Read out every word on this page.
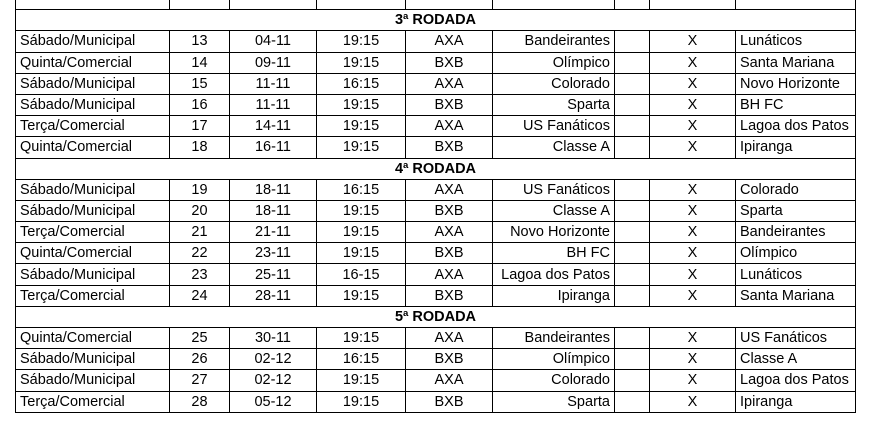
3ª RODADA								
Sábado/Municipal	13	04-11	19:15	AXA	Bandeirantes		X	Lunáticos
Quinta/Comercial	14	09-11	19:15	BXB	Olímpico		X	Santa Mariana
Sábado/Municipal	15	11-11	16:15	AXA	Colorado		X	Novo Horizonte
Sábado/Municipal	16	11-11	19:15	BXB	Sparta		X	BH FC
Terça/Comercial	17	14-11	19:15	AXA	US Fanáticos		X	Lagoa dos Patos
Quinta/Comercial	18	16-11	19:15	BXB	Classe A		X	Ipiranga
4ª RODADA								
Sábado/Municipal	19	18-11	16:15	AXA	US Fanáticos		X	Colorado
Sábado/Municipal	20	18-11	19:15	BXB	Classe A		X	Sparta
Terça/Comercial	21	21-11	19:15	AXA	Novo Horizonte		X	Bandeirantes
Quinta/Comercial	22	23-11	19:15	BXB	BH FC		X	Olímpico
Sábado/Municipal	23	25-11	16-15	AXA	Lagoa dos Patos		X	Lunáticos
Terça/Comercial	24	28-11	19:15	BXB	Ipiranga		X	Santa Mariana
5ª RODADA								
Quinta/Comercial	25	30-11	19:15	AXA	Bandeirantes		X	US Fanáticos
Sábado/Municipal	26	02-12	16:15	BXB	Olímpico		X	Classe A
Sábado/Municipal	27	02-12	19:15	AXA	Colorado		X	Lagoa dos Patos
Terça/Comercial	28	05-12	19:15	BXB	Sparta		X	Ipiranga
